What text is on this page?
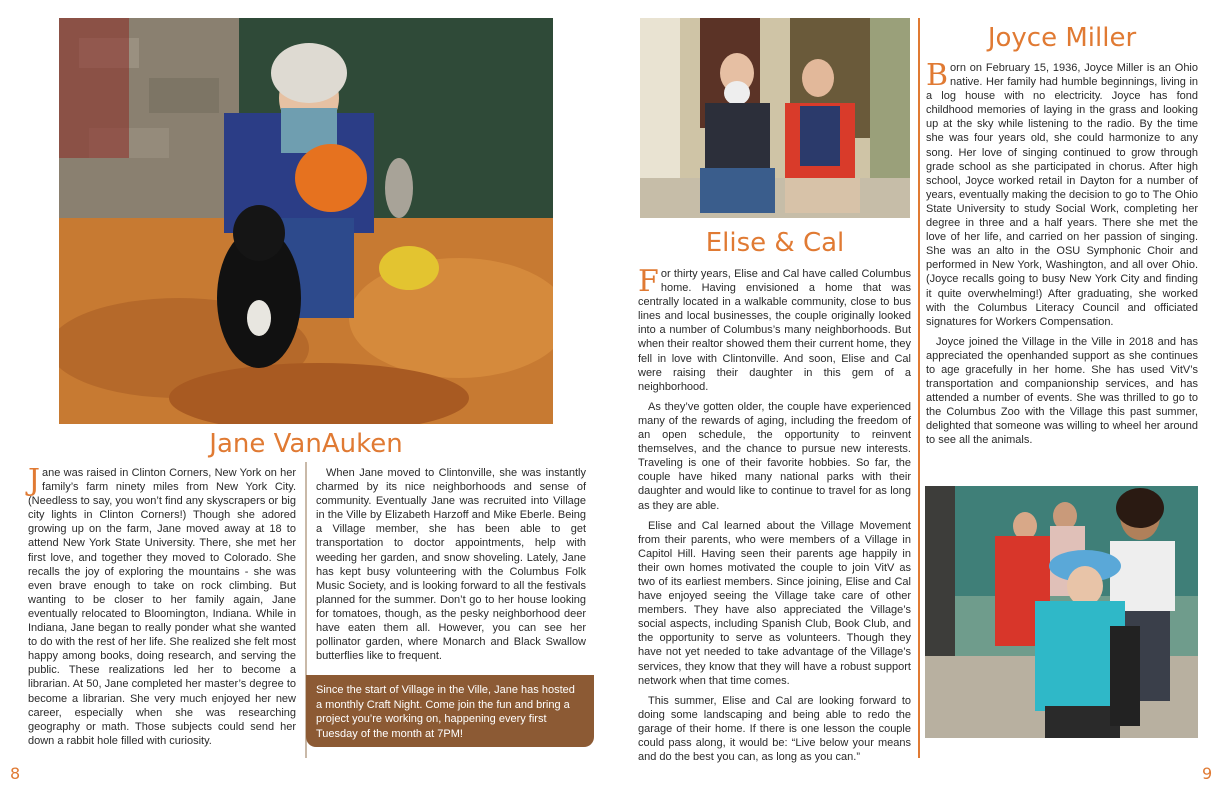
Jane VanAuken

Jane was raised in Clinton Corners, New York on her family’s farm ninety miles from New York City. (Needless to say, you won’t find any skyscrapers or big city lights in Clinton Corners!) Though she adored growing up on the farm, Jane moved away at 18 to attend New York State University. There, she met her first love, and together they moved to Colorado. She recalls the joy of exploring the mountains - she was even brave enough to take on rock climbing. But wanting to be closer to her family again, Jane eventually relocated to Bloomington, Indiana. While in Indiana, Jane began to really ponder what she wanted to do with the rest of her life. She realized she felt most happy among books, doing research, and serving the public. These realizations led her to become a librarian. At 50, Jane completed her master’s degree to become a librarian. She very much enjoyed her new career, especially when she was researching geography or math. Those subjects could send her down a rabbit hole filled with curiosity.

When Jane moved to Clintonville, she was instantly charmed by its nice neighborhoods and sense of community. Eventually Jane was recruited into Village in the Ville by Elizabeth Harzoff and Mike Eberle. Being a Village member, she has been able to get transportation to doctor appointments, help with weeding her garden, and snow shoveling. Lately, Jane has kept busy volunteering with the Columbus Folk Music Society, and is looking forward to all the festivals planned for the summer. Don’t go to her house looking for tomatoes, though, as the pesky neighborhood deer have eaten them all. However, you can see her pollinator garden, where Monarch and Black Swallow butterflies like to frequent.

Since the start of Village in the Ville, Jane has hosted a monthly Craft Night. Come join the fun and bring a project you’re working on, happening every first Tuesday of the month at 7PM!
8
Elise & Cal

For thirty years, Elise and Cal have called Columbus home. Having envisioned a home that was centrally located in a walkable community, close to bus lines and local businesses, the couple originally looked into a number of Columbus’s many neighborhoods. But when their realtor showed them their current home, they fell in love with Clintonville. And soon, Elise and Cal were raising their daughter in this gem of a neighborhood.

As they’ve gotten older, the couple have experienced many of the rewards of aging, including the freedom of an open schedule, the opportunity to reinvent themselves, and the chance to pursue new interests. Traveling is one of their favorite hobbies. So far, the couple have hiked many national parks with their daughter and would like to continue to travel for as long as they are able.

Elise and Cal learned about the Village Movement from their parents, who were members of a Village in Capitol Hill. Having seen their parents age happily in their own homes motivated the couple to join VitV as two of its earliest members. Since joining, Elise and Cal have enjoyed seeing the Village take care of other members. They have also appreciated the Village’s social aspects, including Spanish Club, Book Club, and the opportunity to serve as volunteers. Though they have not yet needed to take advantage of the Village’s services, they know that they will have a robust support network when that time comes.

This summer, Elise and Cal are looking forward to doing some landscaping and being able to redo the garage of their home. If there is one lesson the couple could pass along, it would be: “Live below your means and do the best you can, as long as you can.”

Joyce Miller

Born on February 15, 1936, Joyce Miller is an Ohio native. Her family had humble beginnings, living in a log house with no electricity. Joyce has fond childhood memories of laying in the grass and looking up at the sky while listening to the radio. By the time she was four years old, she could harmonize to any song. Her love of singing continued to grow through grade school as she participated in chorus. After high school, Joyce worked retail in Dayton for a number of years, eventually making the decision to go to The Ohio State University to study Social Work, completing her degree in three and a half years. There she met the love of her life, and carried on her passion of singing. She was an alto in the OSU Symphonic Choir and performed in New York, Washington, and all over Ohio. (Joyce recalls going to busy New York City and finding it quite overwhelming!) After graduating, she worked with the Columbus Literacy Council and officiated signatures for Workers Compensation.

Joyce joined the Village in the Ville in 2018 and has appreciated the openhanded support as she continues to age gracefully in her home. She has used VitV’s transportation and companionship services, and has attended a number of events. She was thrilled to go to the Columbus Zoo with the Village this past summer, delighted that someone was willing to wheel her around to see all the animals.

9
